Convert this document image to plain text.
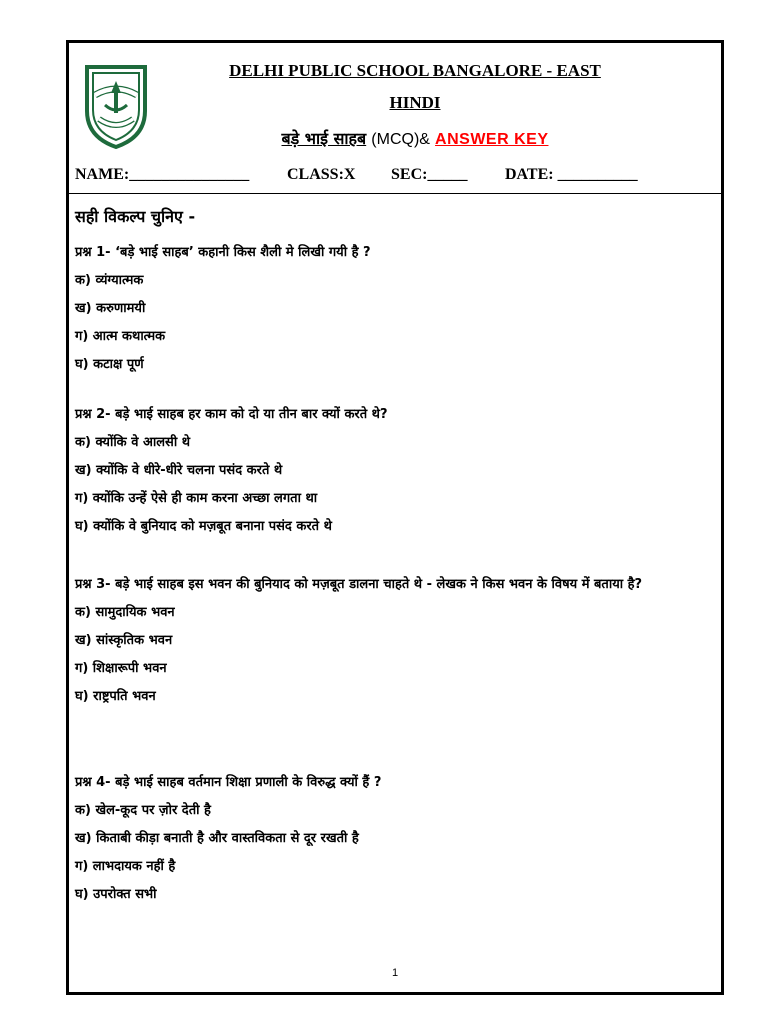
DELHI PUBLIC SCHOOL BANGALORE - EAST
HINDI
बड़े भाई साहब (MCQ)& ANSWER KEY
NAME:_______________ CLASS:X SEC:_____ DATE: __________
सही विकल्प चुनिए -
प्रश्न 1- ‘बड़े भाई साहब’ कहानी किस शैली मे लिखी गयी है ?
क) व्यंग्यात्मक
ख) करुणामयी
ग) आत्म कथात्मक
घ) कटाक्ष पूर्ण
प्रश्न 2- बड़े भाई साहब हर काम को दो या तीन बार क्यों करते थे?
क) क्योंकि वे आलसी थे
ख) क्योंकि वे धीरे-धीरे चलना पसंद करते थे
ग) क्योंकि उन्हें ऐसे ही काम करना अच्छा लगता था
घ) क्योंकि वे बुनियाद को मज़बूत बनाना पसंद करते थे
प्रश्न 3- बड़े भाई साहब इस भवन की बुनियाद को मज़बूत डालना चाहते थे - लेखक ने किस भवन के विषय में बताया है?
क) सामुदायिक भवन
ख) सांस्कृतिक भवन
ग) शिक्षारूपी भवन
घ) राष्ट्रपति भवन
प्रश्न 4- बड़े भाई साहब वर्तमान शिक्षा प्रणाली के विरुद्ध क्यों हैं ?
क) खेल-कूद पर ज़ोर देती है
ख) किताबी कीड़ा बनाती है और वास्तविकता से दूर रखती है
ग) लाभदायक नहीं है
घ) उपरोक्त सभी
1
